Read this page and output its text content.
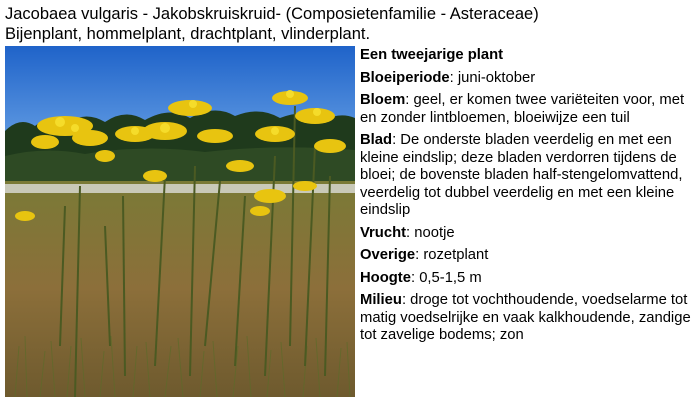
Jacobaea vulgaris - Jakobskruiskruid- (Composietenfamilie - Asteraceae)
Bijenplant, hommelplant, drachtplant, vlinderplant.

Een tweejarige plant

Bloeiperiode: juni-oktober

Bloem: geel, er komen twee variëteiten voor, met en zonder lintbloemen, bloeiwijze een tuil

Blad: De onderste bladen veerdelig en met een kleine eindslip; deze bladen verdorren tijdens de bloei; de bovenste bladen half-stengelomvattend, veerdelig tot dubbel veerdelig en met een kleine eindslip

Vrucht: nootje

Overige: rozetplant

Hoogte: 0,5-1,5 m

Milieu: droge tot vochthoudende, voedselarme tot matig voedselrijke en vaak kalkhoudende, zandige tot zavelige bodems; zon
